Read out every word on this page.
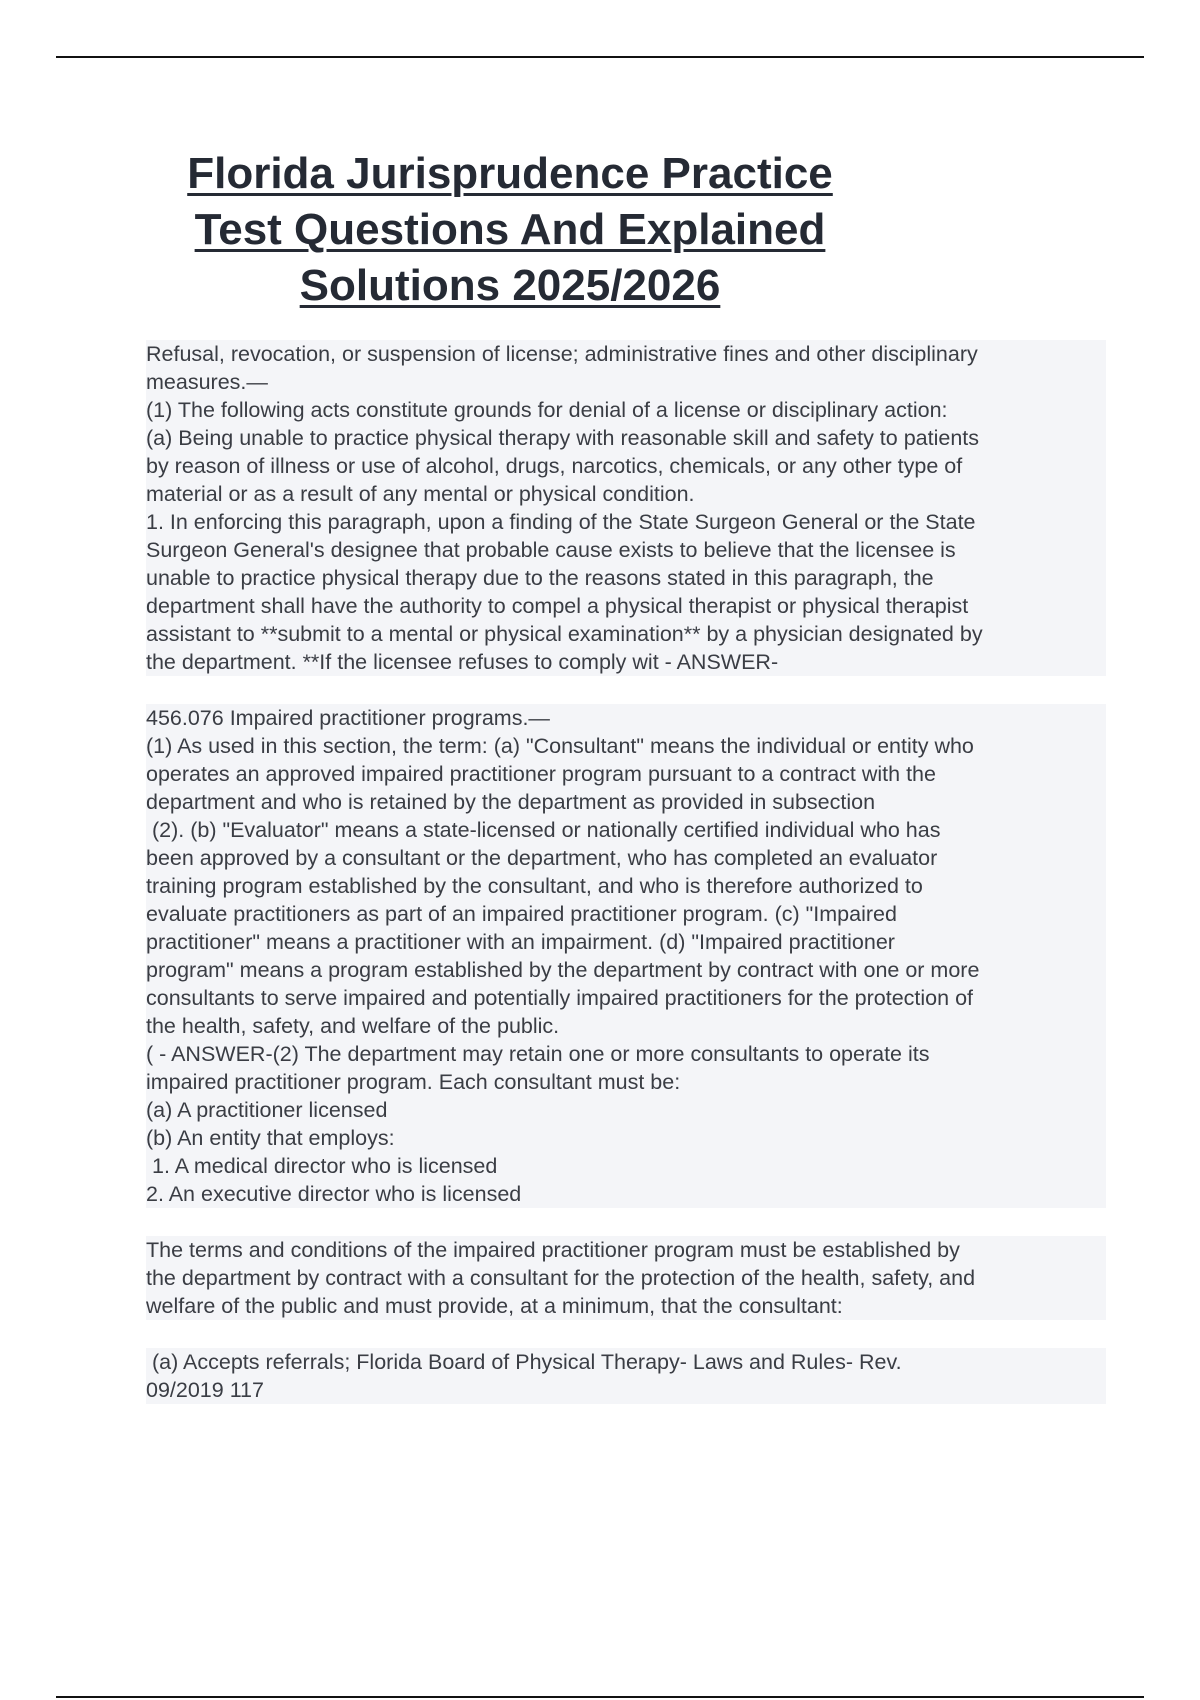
Florida Jurisprudence Practice
Test Questions And Explained
Solutions 2025/2026

Refusal, revocation, or suspension of license; administrative fines and other disciplinary

measures.—

(1) The following acts constitute grounds for denial of a license or disciplinary action:

(a) Being unable to practice physical therapy with reasonable skill and safety to patients

by reason of illness or use of alcohol, drugs, narcotics, chemicals, or any other type of

material or as a result of any mental or physical condition.

1. In enforcing this paragraph, upon a finding of the State Surgeon General or the State

Surgeon General's designee that probable cause exists to believe that the licensee is

unable to practice physical therapy due to the reasons stated in this paragraph, the

department shall have the authority to compel a physical therapist or physical therapist

assistant to **submit to a mental or physical examination** by a physician designated by

the department. **If the licensee refuses to comply wit - ANSWER-

456.076 Impaired practitioner programs.—

(1) As used in this section, the term: (a) "Consultant" means the individual or entity who

operates an approved impaired practitioner program pursuant to a contract with the

department and who is retained by the department as provided in subsection

(2). (b) "Evaluator" means a state-licensed or nationally certified individual who has

been approved by a consultant or the department, who has completed an evaluator

training program established by the consultant, and who is therefore authorized to

evaluate practitioners as part of an impaired practitioner program. (c) "Impaired

practitioner" means a practitioner with an impairment. (d) "Impaired practitioner

program" means a program established by the department by contract with one or more

consultants to serve impaired and potentially impaired practitioners for the protection of

the health, safety, and welfare of the public.

( - ANSWER-(2) The department may retain one or more consultants to operate its

impaired practitioner program. Each consultant must be:

(a) A practitioner licensed

(b) An entity that employs:

1. A medical director who is licensed

2. An executive director who is licensed

The terms and conditions of the impaired practitioner program must be established by

the department by contract with a consultant for the protection of the health, safety, and

welfare of the public and must provide, at a minimum, that the consultant:

(a) Accepts referrals; Florida Board of Physical Therapy- Laws and Rules- Rev.

09/2019 117
